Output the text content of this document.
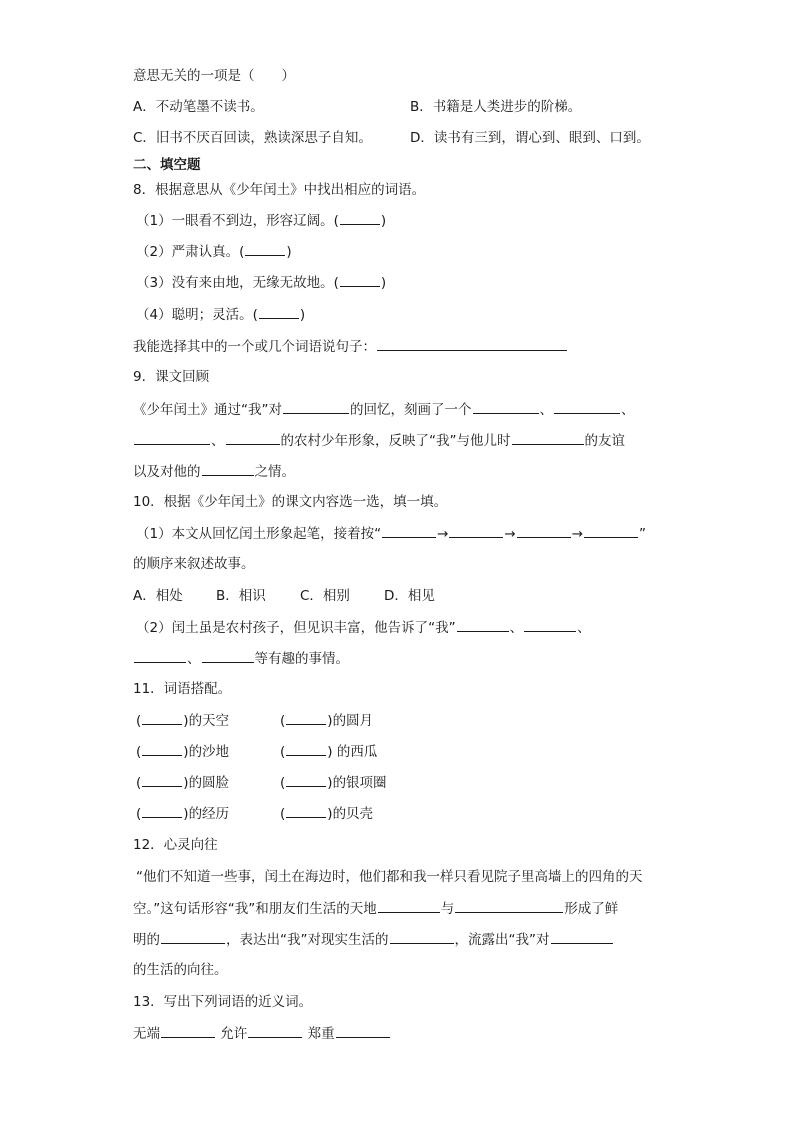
意思无关的一项是（　　）
A．不动笔墨不读书。	B．书籍是人类进步的阶梯。
C．旧书不厌百回读，熟读深思子自知。	D．读书有三到，谓心到、眼到、口到。
二、填空题
8．根据意思从《少年闰土》中找出相应的词语。
（1）一眼看不到边，形容辽阔。(	)
（2）严肃认真。(	)
（3）没有来由地，无缘无故地。(	)
（4）聪明；灵活。(	)
我能选择其中的一个或几个词语说句子：
9．课文回顾
《少年闰土》通过“我”对	的回忆，刻画了一个	、	、
、	的农村少年形象，反映了“我”与他儿时	的友谊
以及对他的	之情。
10．根据《少年闰土》的课文内容选一选，填一填。
（1）本文从回忆闰土形象起笔，接着按“	→	→	→	”
的顺序来叙述故事。
A．相处 B．相识	C．相别	D．相见
（2）闰土虽是农村孩子，但见识丰富，他告诉了“我”	、	、
、	等有趣的事情。
11．词语搭配。
(	)的天空	(	)的圆月
(	)的沙地	(	) 的西瓜
(	)的圆脸	(	)的银项圈
(	)的经历	(	)的贝壳
12．心灵向往
“他们不知道一些事，闰土在海边时，他们都和我一样只看见院子里高墙上的四角的天
空。”这句话形容“我”和朋友们生活的天地	与	形成了鲜
明的	，表达出“我”对现实生活的	，流露出“我”对
的生活的向往。
13．写出下列词语的近义词。
无端	允许	郑重
